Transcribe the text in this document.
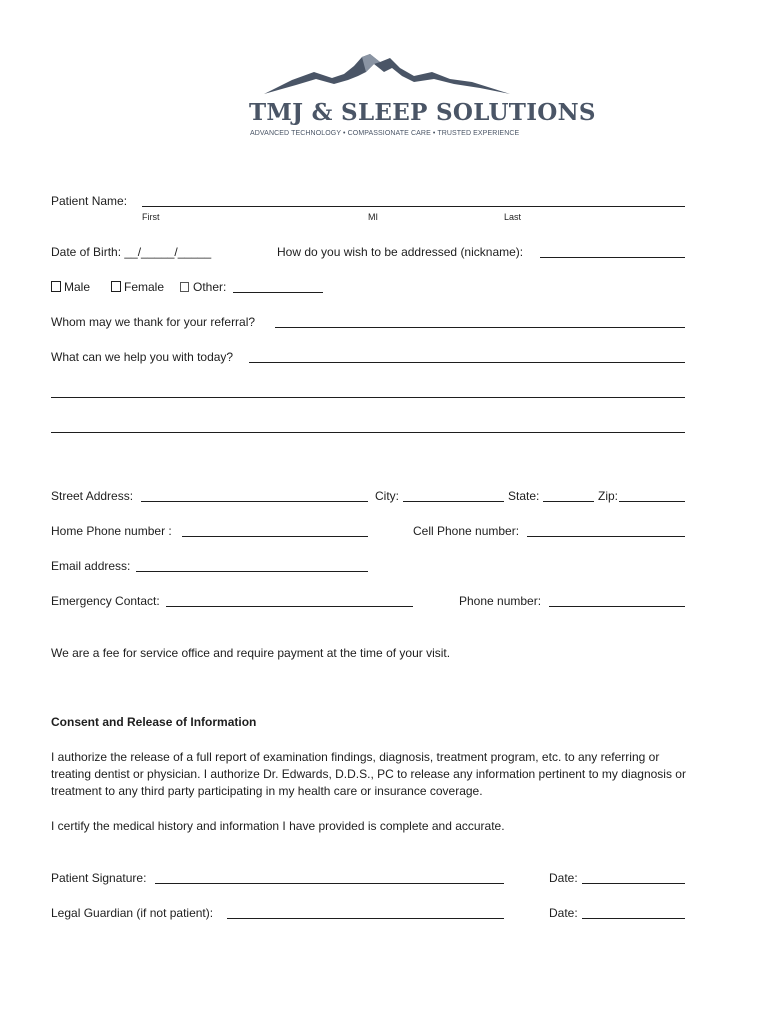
TMJ & SLEEP SOLUTIONS
ADVANCED TECHNOLOGY • COMPASSIONATE CARE • TRUSTED EXPERIENCE
Patient Name:
First	MI	Last
Date of Birth: __/_____/_____	How do you wish to be addressed (nickname):
Male	Female	Other:
Whom may we thank for your referral?
What can we help you with today?
Street Address:	City:	State:	Zip:
Home Phone number :	Cell Phone number:
Email address:
Emergency Contact:	Phone number:
We are a fee for service office and require payment at the time of your visit.
Consent and Release of Information
I authorize the release of a full report of examination findings, diagnosis, treatment program, etc. to any referring or
treating dentist or physician. I authorize Dr. Edwards, D.D.S., PC to release any information pertinent to my diagnosis or
treatment to any third party participating in my health care or insurance coverage.
I certify the medical history and information I have provided is complete and accurate.
Patient Signature:	Date:
Legal Guardian (if not patient):	Date:
